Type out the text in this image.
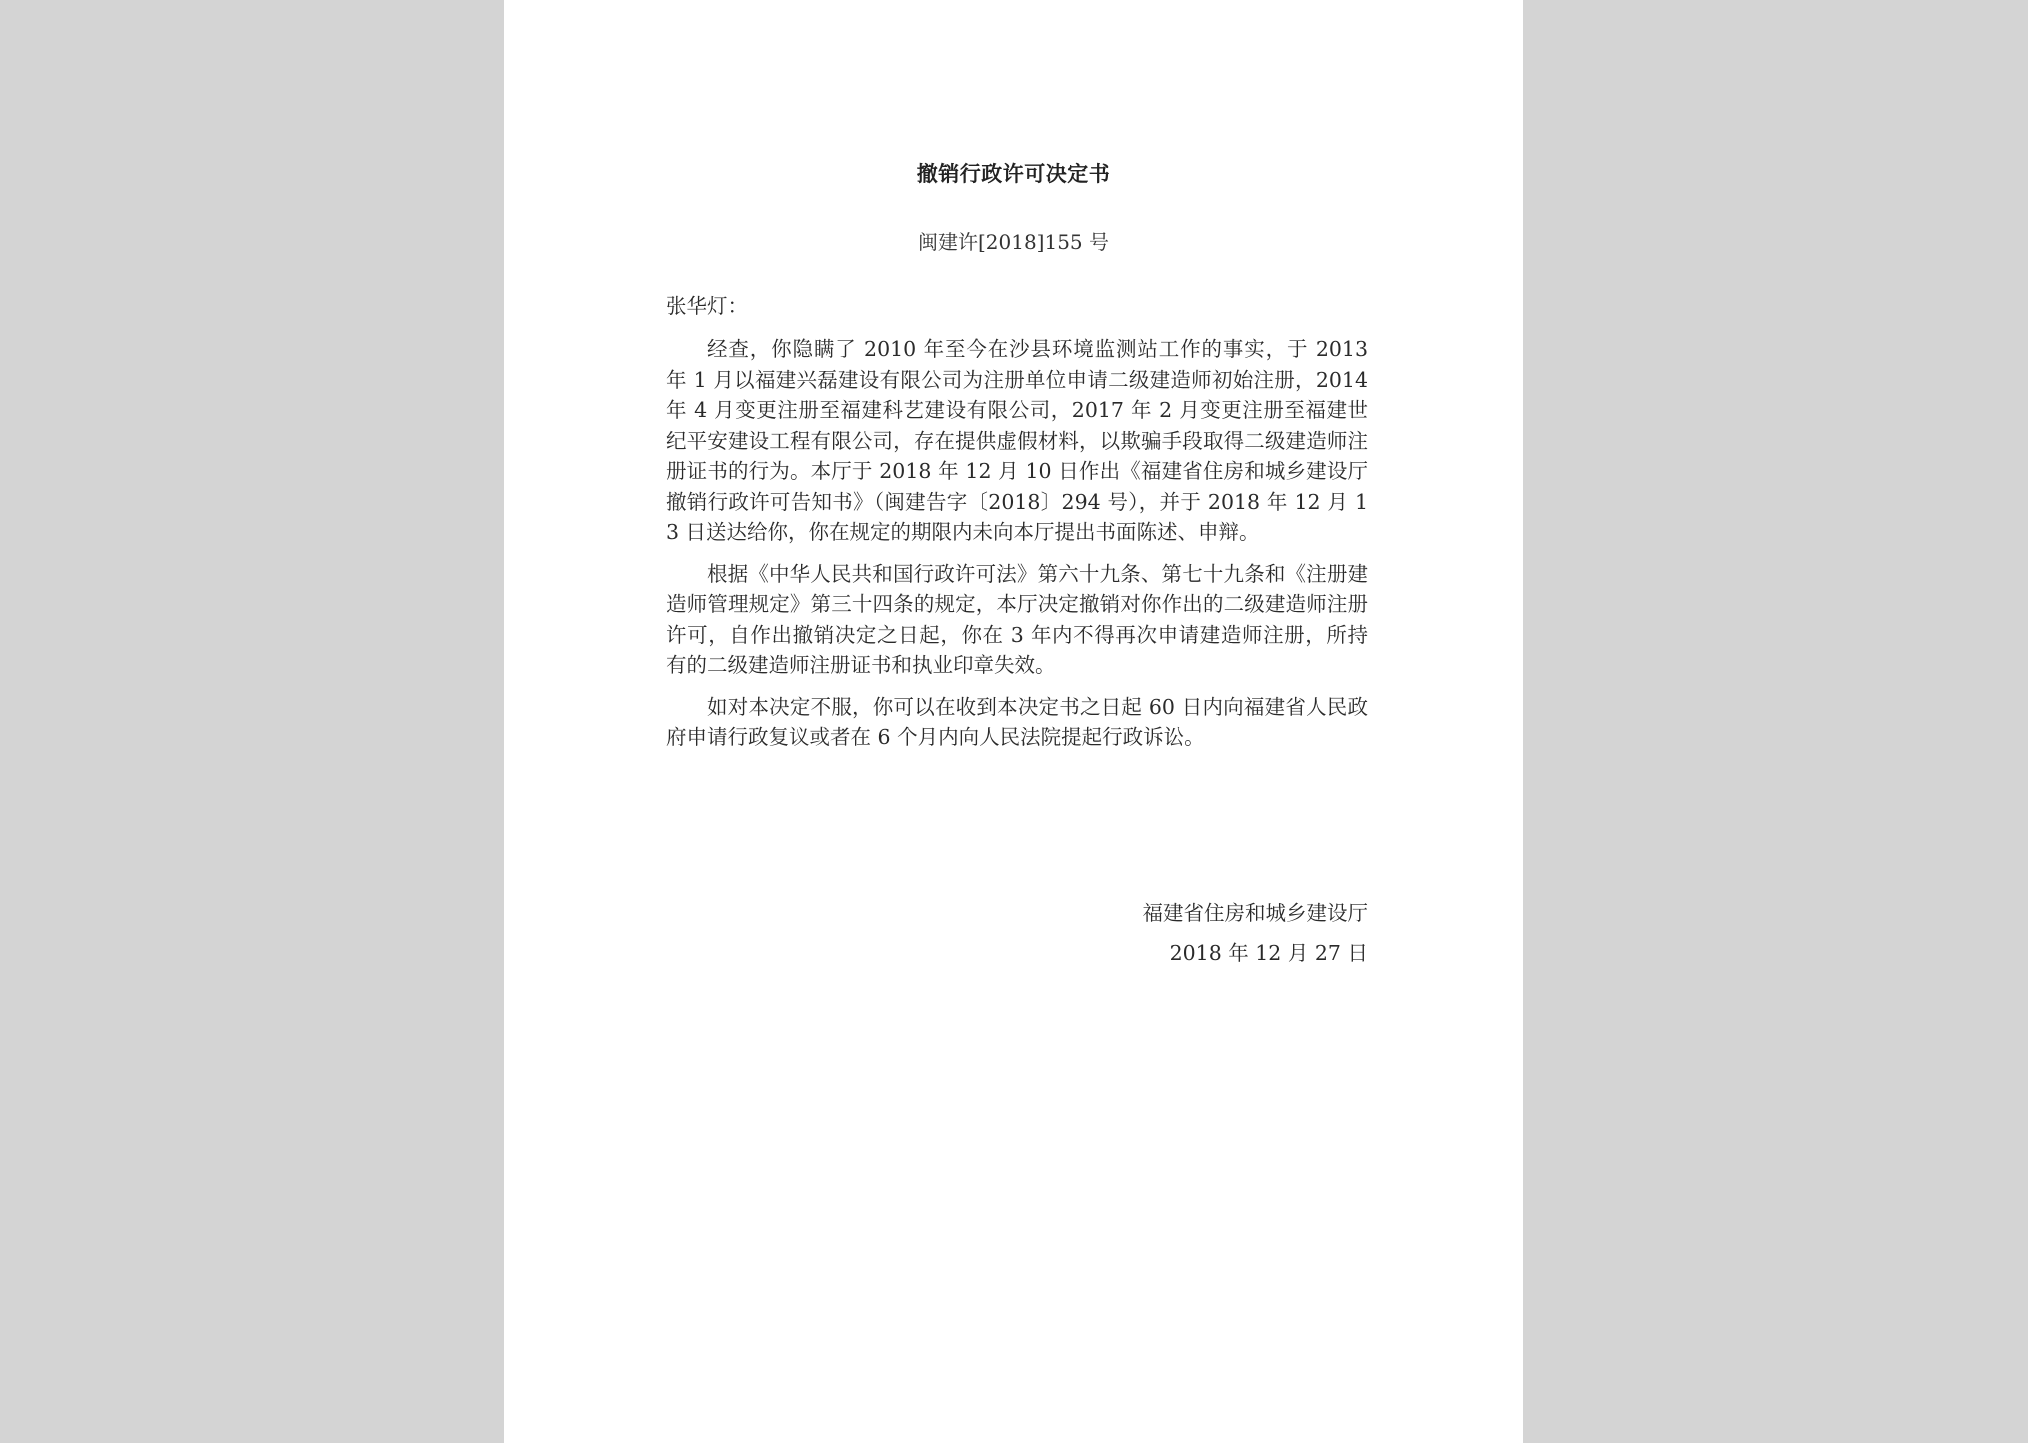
撤销行政许可决定书
闽建许[2018]155 号
张华灯：

经查，你隐瞒了 2010 年至今在沙县环境监测站工作的事实，于 2013 年 1 月以福建兴磊建设有限公司为注册单位申请二级建造师初始注册，2014 年 4 月变更注册至福建科艺建设有限公司，2017 年 2 月变更注册至福建世纪平安建设工程有限公司，存在提供虚假材料，以欺骗手段取得二级建造师注册证书的行为。本厅于 2018 年 12 月 10 日作出《福建省住房和城乡建设厅撤销行政许可告知书》（闽建告字〔2018〕294 号），并于 2018 年 12 月 13 日送达给你，你在规定的期限内未向本厅提出书面陈述、申辩。

根据《中华人民共和国行政许可法》第六十九条、第七十九条和《注册建造师管理规定》第三十四条的规定，本厅决定撤销对你作出的二级建造师注册许可，自作出撤销决定之日起，你在 3 年内不得再次申请建造师注册，所持有的二级建造师注册证书和执业印章失效。

如对本决定不服，你可以在收到本决定书之日起 60 日内向福建省人民政府申请行政复议或者在 6 个月内向人民法院提起行政诉讼。

福建省住房和城乡建设厅
2018 年 12 月 27 日
